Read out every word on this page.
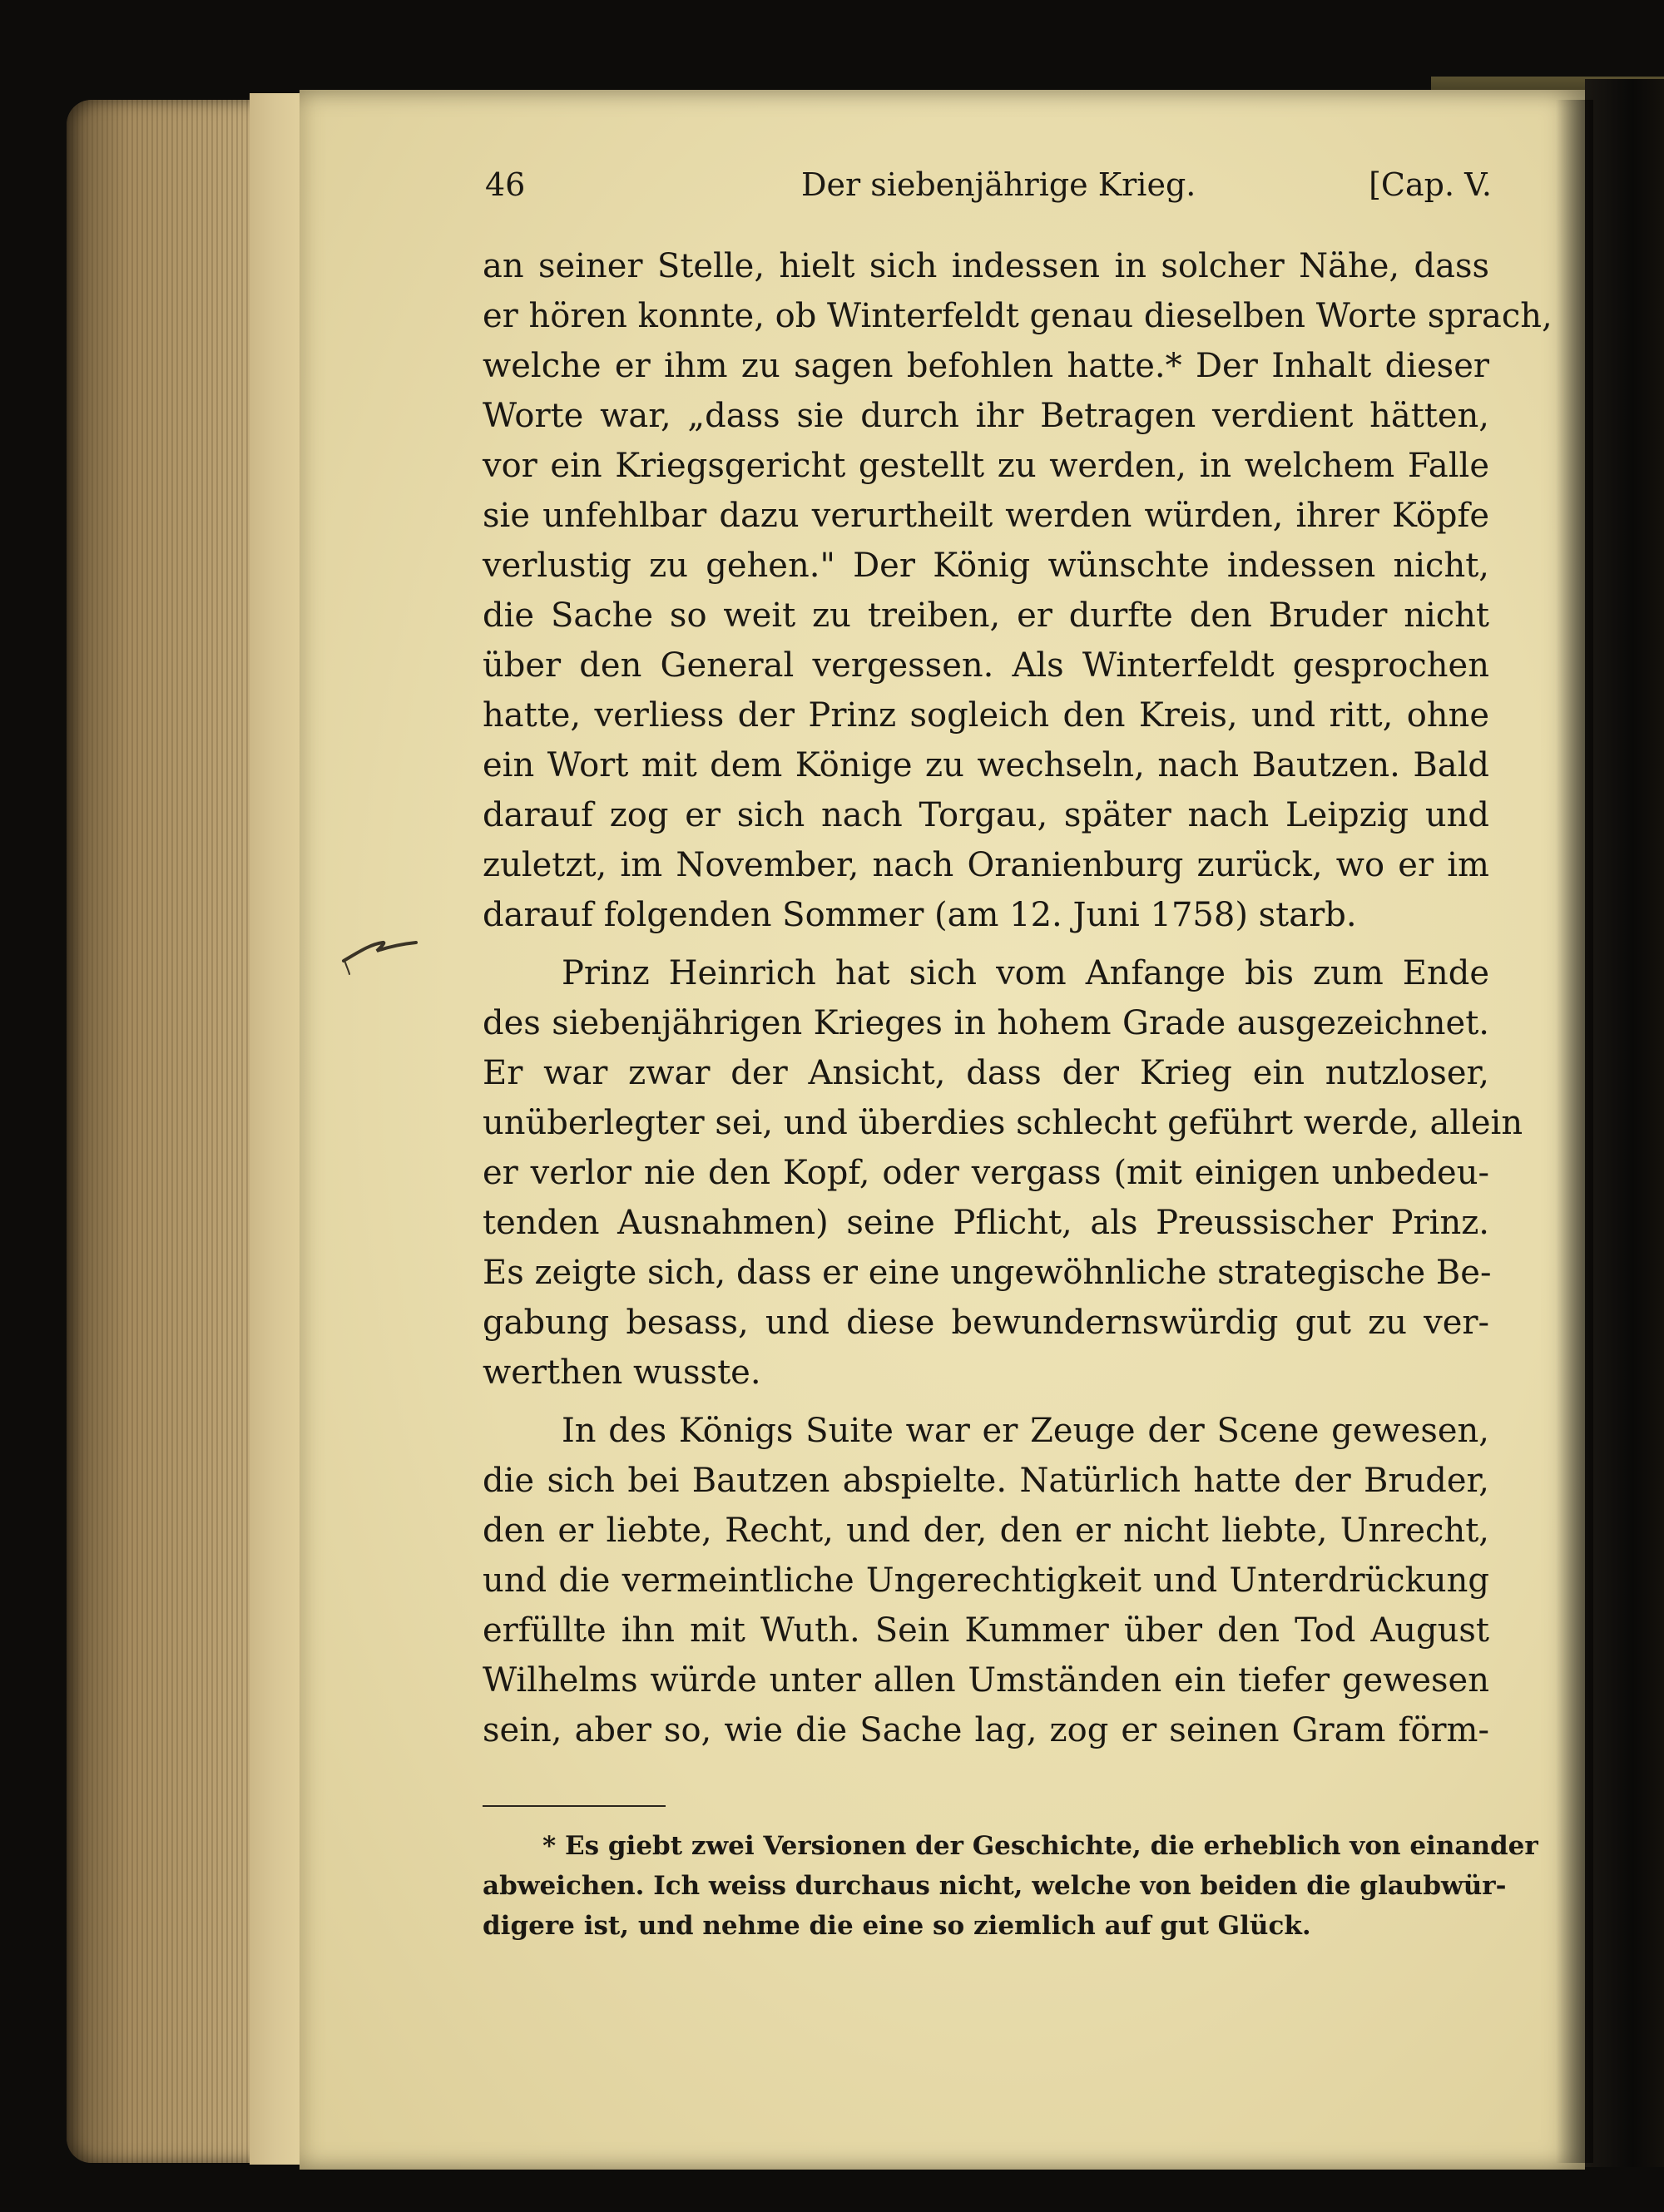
46	Der siebenjährige Krieg.	[Cap. V.
an seiner Stelle, hielt sich indessen in solcher Nähe, dass
er hören konnte, ob Winterfeldt genau dieselben Worte sprach,
welche er ihm zu sagen befohlen hatte.* Der Inhalt dieser
Worte war, „dass sie durch ihr Betragen verdient hätten,
vor ein Kriegsgericht gestellt zu werden, in welchem Falle
sie unfehlbar dazu verurtheilt werden würden, ihrer Köpfe
verlustig zu gehen." Der König wünschte indessen nicht,
die Sache so weit zu treiben, er durfte den Bruder nicht
über den General vergessen. Als Winterfeldt gesprochen
hatte, verliess der Prinz sogleich den Kreis, und ritt, ohne
ein Wort mit dem Könige zu wechseln, nach Bautzen. Bald
darauf zog er sich nach Torgau, später nach Leipzig und
zuletzt, im November, nach Oranienburg zurück, wo er im
darauf folgenden Sommer (am 12. Juni 1758) starb.
Prinz Heinrich hat sich vom Anfange bis zum Ende
des siebenjährigen Krieges in hohem Grade ausgezeichnet.
Er war zwar der Ansicht, dass der Krieg ein nutzloser,
unüberlegter sei, und überdies schlecht geführt werde, allein
er verlor nie den Kopf, oder vergass (mit einigen unbedeu-
tenden Ausnahmen) seine Pflicht, als Preussischer Prinz.
Es zeigte sich, dass er eine ungewöhnliche strategische Be-
gabung besass, und diese bewundernswürdig gut zu ver-
werthen wusste.
In des Königs Suite war er Zeuge der Scene gewesen,
die sich bei Bautzen abspielte. Natürlich hatte der Bruder,
den er liebte, Recht, und der, den er nicht liebte, Unrecht,
und die vermeintliche Ungerechtigkeit und Unterdrückung
erfüllte ihn mit Wuth. Sein Kummer über den Tod August
Wilhelms würde unter allen Umständen ein tiefer gewesen
sein, aber so, wie die Sache lag, zog er seinen Gram förm-
* Es giebt zwei Versionen der Geschichte, die erheblich von einander
abweichen. Ich weiss durchaus nicht, welche von beiden die glaubwür-
digere ist, und nehme die eine so ziemlich auf gut Glück.
